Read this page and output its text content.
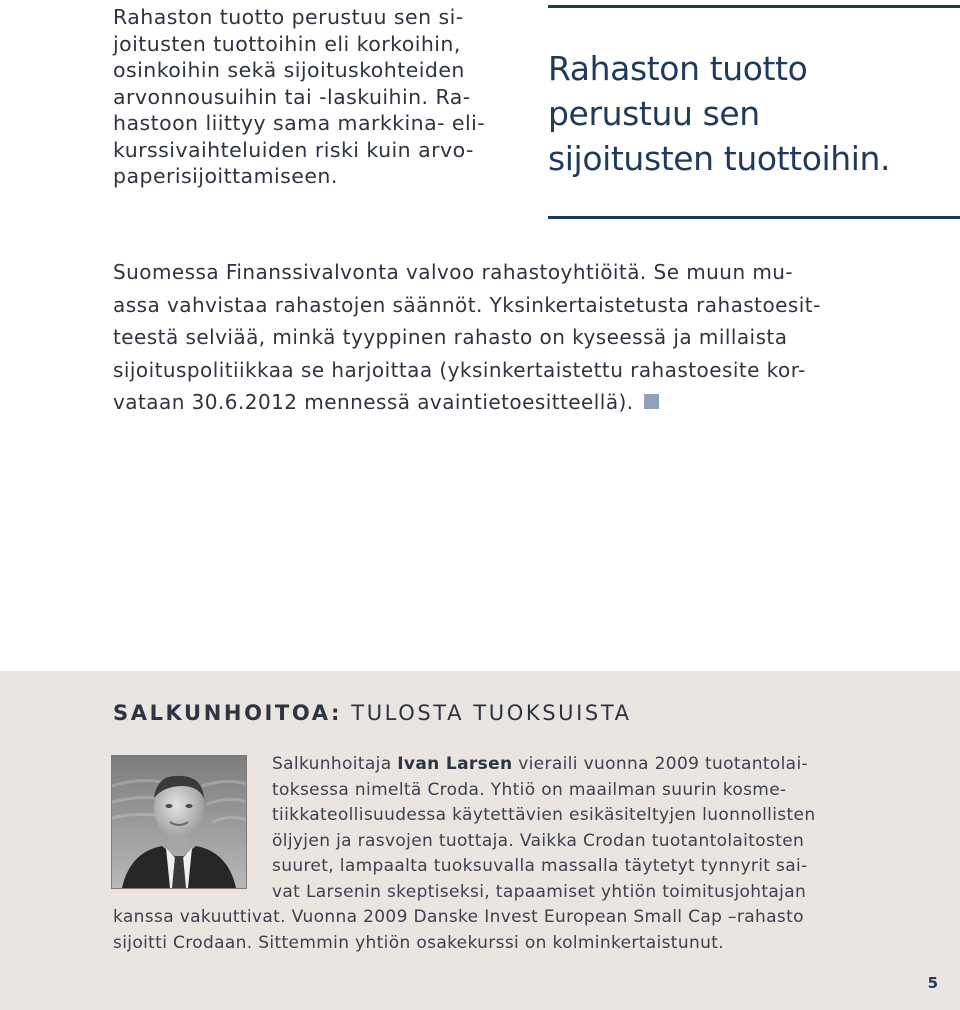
Rahaston tuotto perustuu sen si-
joitusten tuottoihin eli korkoihin,
osinkoihin sekä sijoituskohteiden
arvonnousuihin tai -laskuihin. Ra-
hastoon liittyy sama markkina- eli-
kurssivaihteluiden riski kuin arvo-
paperisijoittamiseen.
Rahaston tuotto
perustuu sen
sijoitusten tuottoihin.
Suomessa Finanssivalvonta valvoo rahastoyhtiöitä. Se muun mu-
assa vahvistaa rahastojen säännöt. Yksinkertaistetusta rahastoesit-
teestä selviää, minkä tyyppinen rahasto on kyseessä ja millaista
sijoituspolitiikkaa se harjoittaa (yksinkertaistettu rahastoesite kor-
vataan 30.6.2012 mennessä avaintietoesitteellä).
SALKUNHOITOA: TULOSTA TUOKSUISTA
Salkunhoitaja Ivan Larsen vieraili vuonna 2009 tuotantolai-
toksessa nimeltä Croda. Yhtiö on maailman suurin kosme-
tiikkateollisuudessa käytettävien esikäsiteltyjen luonnollisten
öljyjen ja rasvojen tuottaja. Vaikka Crodan tuotantolaitosten
suuret, lampaalta tuoksuvalla massalla täytetyt tynnyrit sai-
vat Larsenin skeptiseksi, tapaamiset yhtiön toimitusjohtajan
kanssa vakuuttivat. Vuonna 2009 Danske Invest European Small Cap –rahasto
sijoitti Crodaan. Sittemmin yhtiön osakekurssi on kolminkertaistunut.
5
